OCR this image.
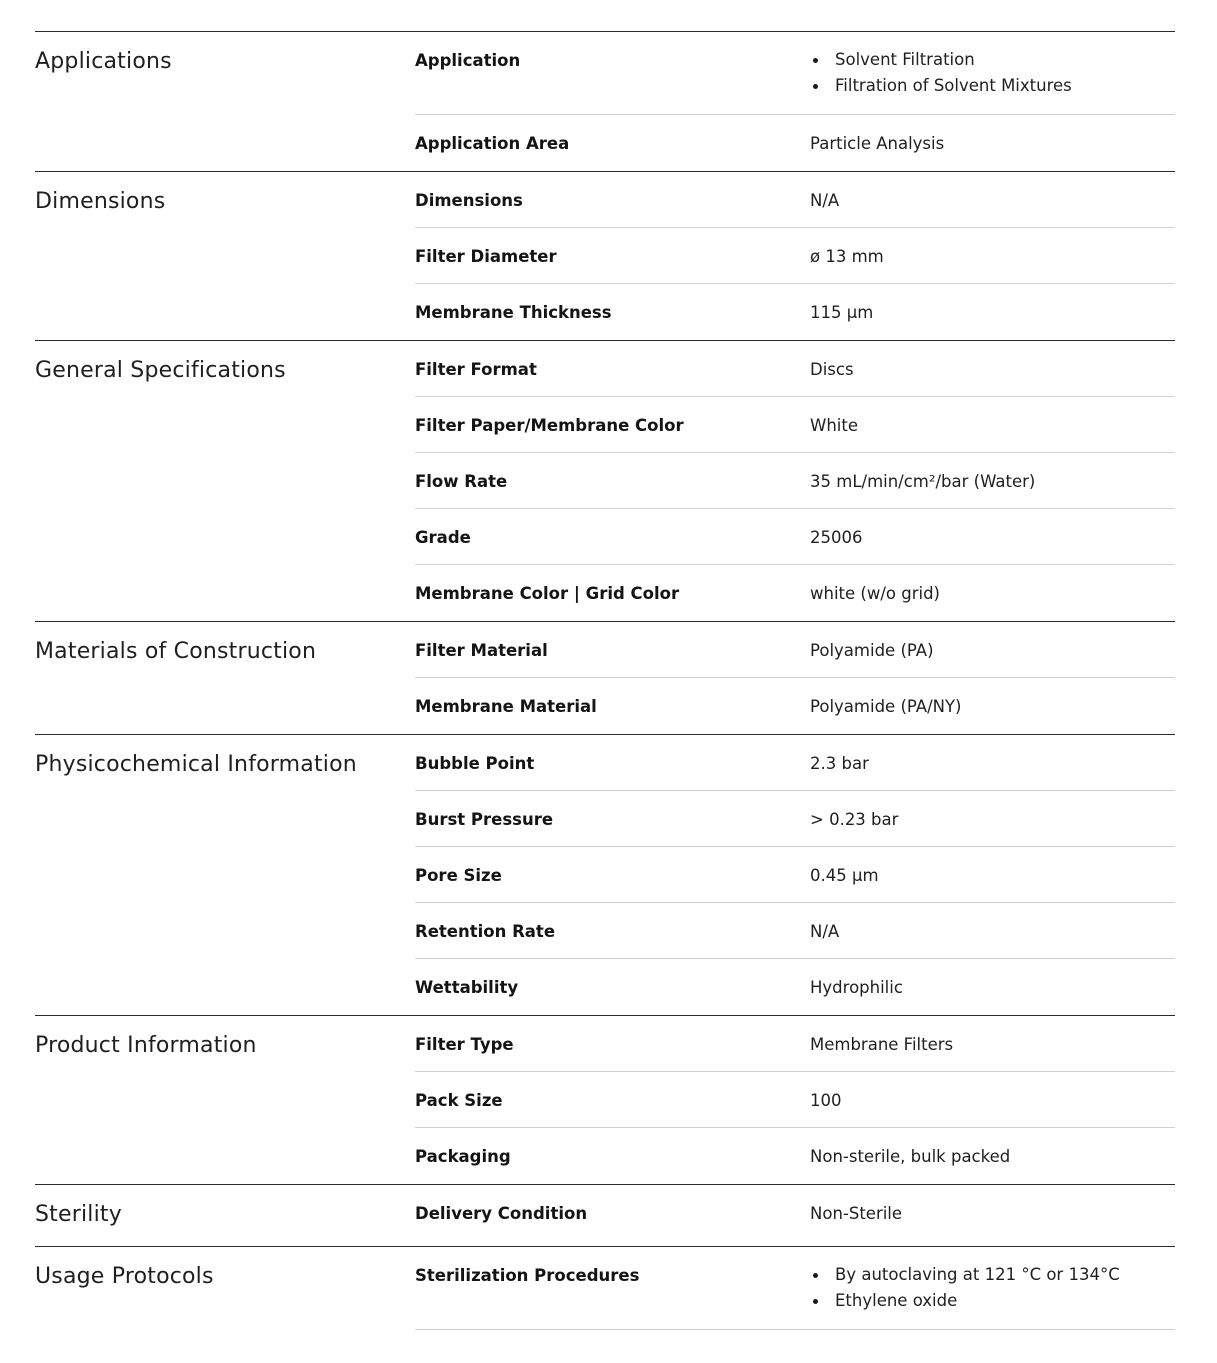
Applications	Application	Solvent Filtration
Filtration of Solvent Mixtures
Application Area	Particle Analysis
Dimensions	Dimensions	N/A
Filter Diameter	ø 13 mm
Membrane Thickness	115 µm
General Specifications	Filter Format	Discs
Filter Paper/Membrane Color	White
Flow Rate	35 mL/min/cm²/bar (Water)
Grade	25006
Membrane Color | Grid Color	white (w/o grid)
Materials of Construction	Filter Material	Polyamide (PA)
Membrane Material	Polyamide (PA/NY)
Physicochemical Information	Bubble Point	2.3 bar
Burst Pressure	> 0.23 bar
Pore Size	0.45 µm
Retention Rate	N/A
Wettability	Hydrophilic
Product Information	Filter Type	Membrane Filters
Pack Size	100
Packaging	Non-sterile, bulk packed
Sterility	Delivery Condition	Non-Sterile
Usage Protocols	Sterilization Procedures	By autoclaving at 121 °C or 134°C
Ethylene oxide
